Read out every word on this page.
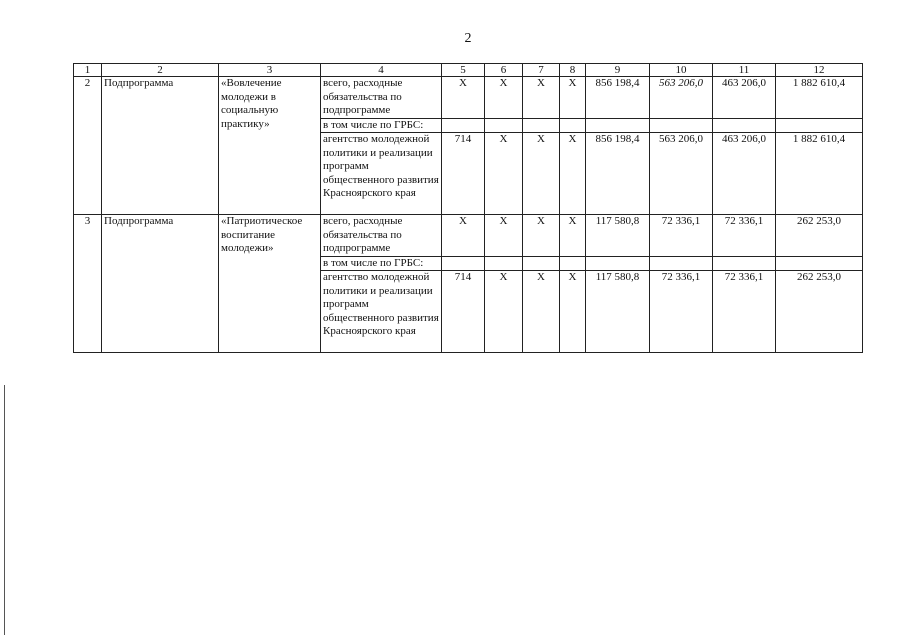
2
1	2	3	4	5	6	7	8	9	10	11	12
2	Подпрограмма	«Вовлечение молодежи в социальную практику»	всего, расходные обязательства по подпрограмме	X	X	X	X	856 198,4	563 206,0	463 206,0	1 882 610,4
			в том числе по ГРБС:								
			агентство молодежной политики и реализации программ общественного развития Красноярского края	714	X	X	X	856 198,4	563 206,0	463 206,0	1 882 610,4
3	Подпрограмма	«Патриотическое воспитание молодежи»	всего, расходные обязательства по подпрограмме	X	X	X	X	117 580,8	72 336,1	72 336,1	262 253,0
			в том числе по ГРБС:								
			агентство молодежной политики и реализации программ общественного развития Красноярского края	714	X	X	X	117 580,8	72 336,1	72 336,1	262 253,0
